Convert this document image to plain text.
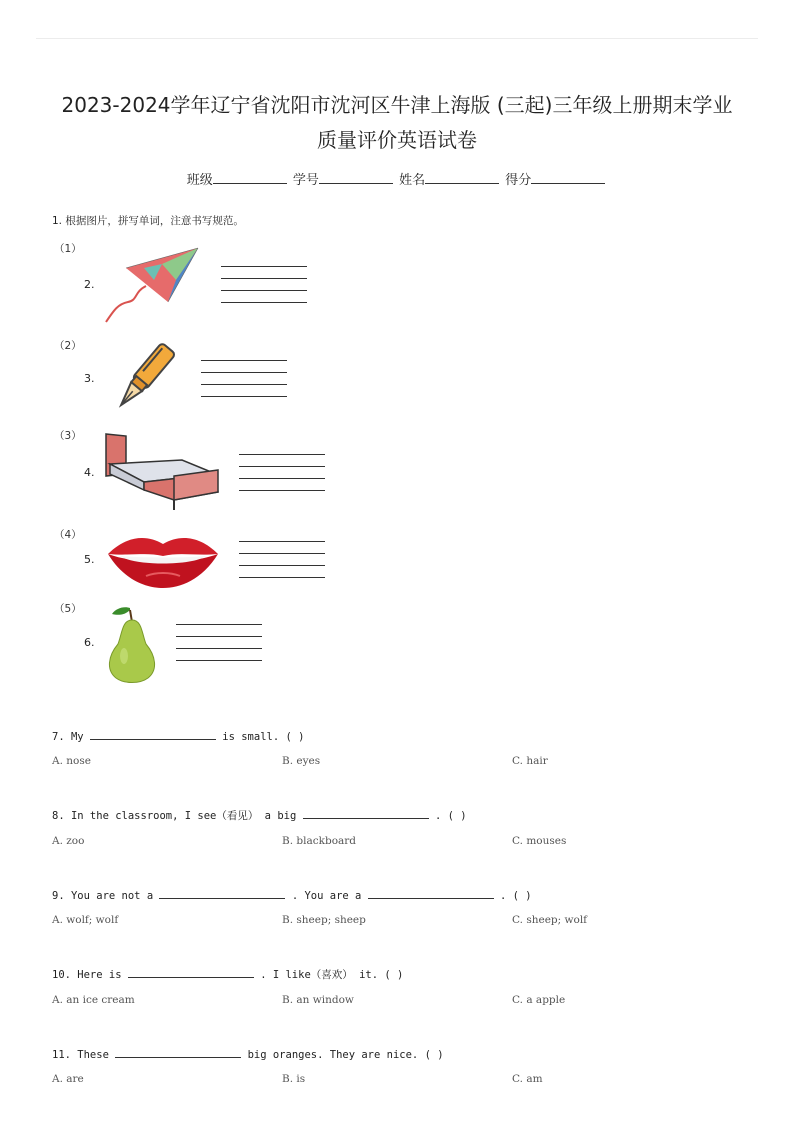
2023-2024学年辽宁省沈阳市沈河区牛津上海版 (三起)三年级上册期末学业
质量评价英语试卷
班级	学号	姓名	得分
1. 根据图片，拼写单词，注意书写规范。
（1）
2.
（2）
3.
（3）
4.
（4）
5.
（5）
6.
7. My	is small. ( )
A. nose	B. eyes	C. hair
8. In the classroom, I see（看见） a big	. ( )
A. zoo	B. blackboard	C. mouses
9. You are not a	. You are a	. ( )
A. wolf; wolf	B. sheep; sheep	C. sheep; wolf
10. Here is	. I like（喜欢） it. ( )
A. an ice cream	B. an window	C. a apple
11. These	big oranges. They are nice. ( )
A. are	B. is	C. am
